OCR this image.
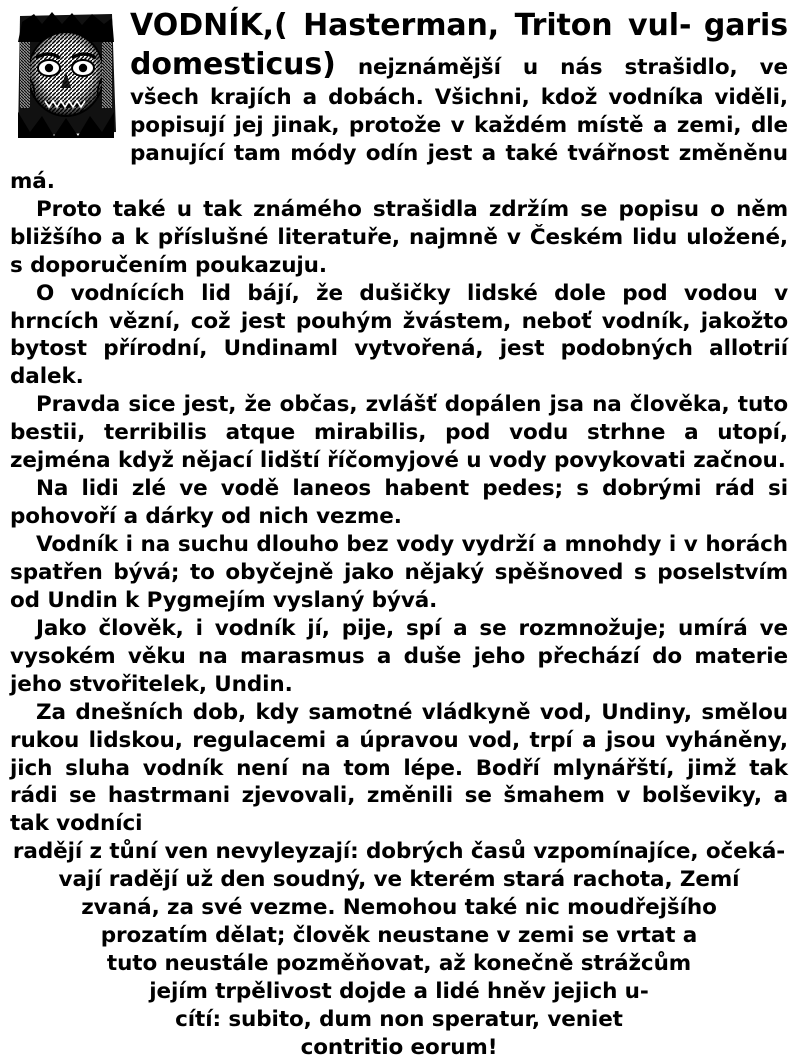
VODNÍK,( Hasterman, Triton vul- garis domesticus) nejznámější u nás strašidlo, ve všech krajích a dobách. Všichni, kdož vodníka viděli, popisují jej jinak, protože v každém místě a zemi, dle panující tam módy odín jest a také tvářnost změněnu má.

Proto také u tak známého strašidla zdržím se popisu o něm bližšího a k příslušné literatuře, najmně v Českém lidu uložené, s doporučením poukazuju.

O vodnících lid bájí, že dušičky lidské dole pod vodou v hrncích vězní, což jest pouhým žvástem, neboť vodník, jakožto bytost přírodní, Undinaml vytvořená, jest podobných allotrií dalek.

Pravda sice jest, že občas, zvlášť dopálen jsa na člověka, tuto bestii, terribilis atque mirabilis, pod vodu strhne a utopí, zejména když nějací lidští říčomyjové u vody povykovati začnou.

Na lidi zlé ve vodě laneos habent pedes; s dobrými rád si pohovoří a dárky od nich vezme.

Vodník i na suchu dlouho bez vody vydrží a mnohdy i v horách spatřen bývá; to obyčejně jako nějaký spěšnoved s poselstvím od Undin k Pygmejím vyslaný bývá.

Jako člověk, i vodník jí, pije, spí a se rozmnožuje; umírá ve vysokém věku na marasmus a duše jeho přechází do materie jeho stvořitelek, Undin.

Za dnešních dob, kdy samotné vládkyně vod, Undiny, smělou rukou lidskou, regulacemi a úpravou vod, trpí a jsou vyháněny, jich sluha vodník není na tom lépe. Bodří mlynářští, jimž tak rádi se hastrmani zjevovali, změnili se šmahem v bolševiky, a tak vodníci

radějí z tůní ven nevyleyzají: dobrých časů vzpomínajíce, očeká-
vají radějí už den soudný, ve kterém stará rachota, Zemí
zvaná, za své vezme. Nemohou také nic moudřejšího
prozatím dělat; člověk neustane v zemi se vrtat a
tuto neustále pozměňovat, až konečně strážcům
jejím trpělivost dojde a lidé hněv jejich u-
cítí: subito, dum non speratur, veniet
contritio eorum!
